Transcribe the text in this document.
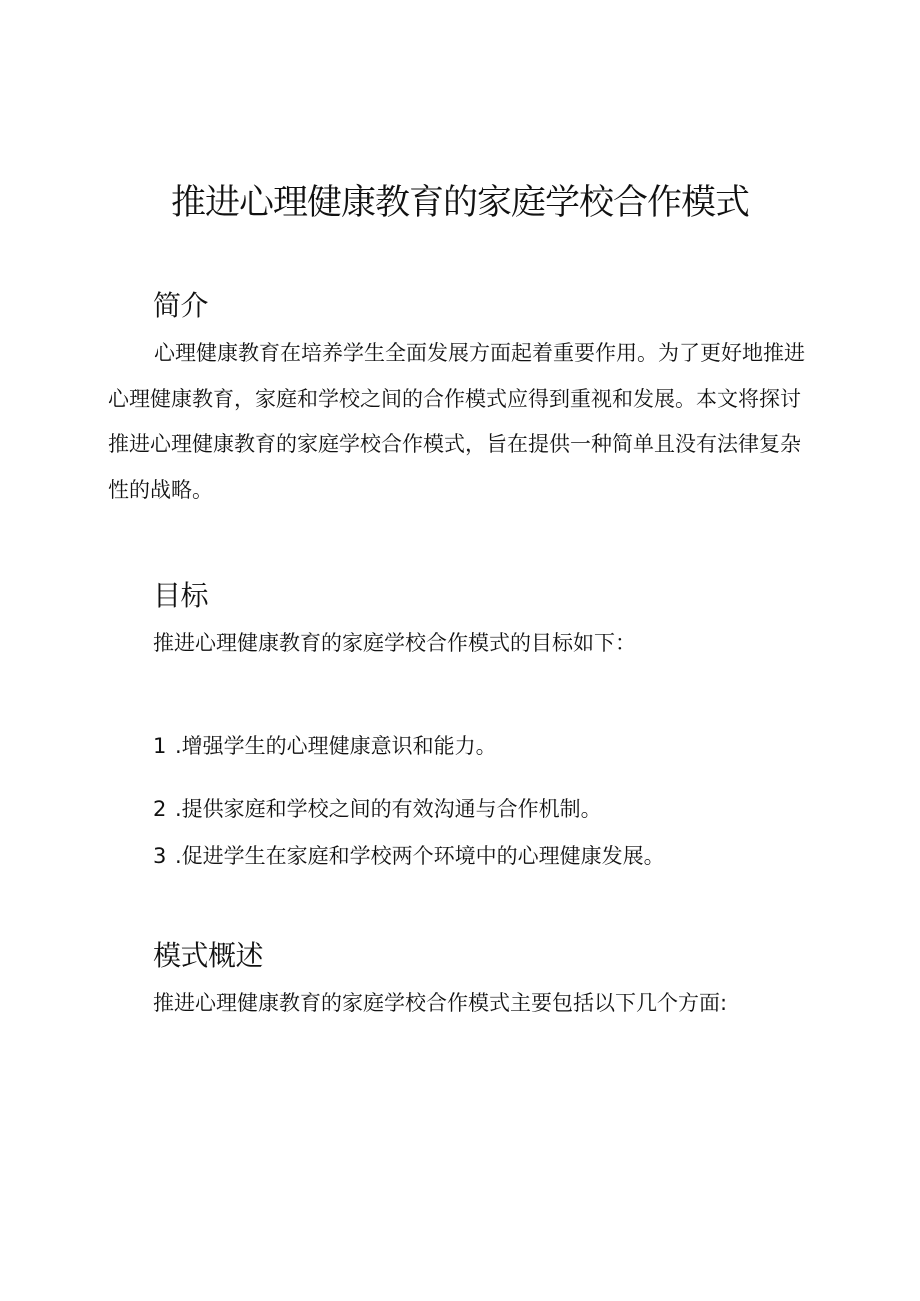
推进心理健康教育的家庭学校合作模式
简介
心理健康教育在培养学生全面发展方面起着重要作用。为了更好地推进
心理健康教育，家庭和学校之间的合作模式应得到重视和发展。本文将探讨
推进心理健康教育的家庭学校合作模式，旨在提供一种简单且没有法律复杂
性的战略。
目标

推进心理健康教育的家庭学校合作模式的目标如下：

1 .增强学生的心理健康意识和能力。

2 .提供家庭和学校之间的有效沟通与合作机制。

3 .促进学生在家庭和学校两个环境中的心理健康发展。

模式概述

推进心理健康教育的家庭学校合作模式主要包括以下几个方面:
